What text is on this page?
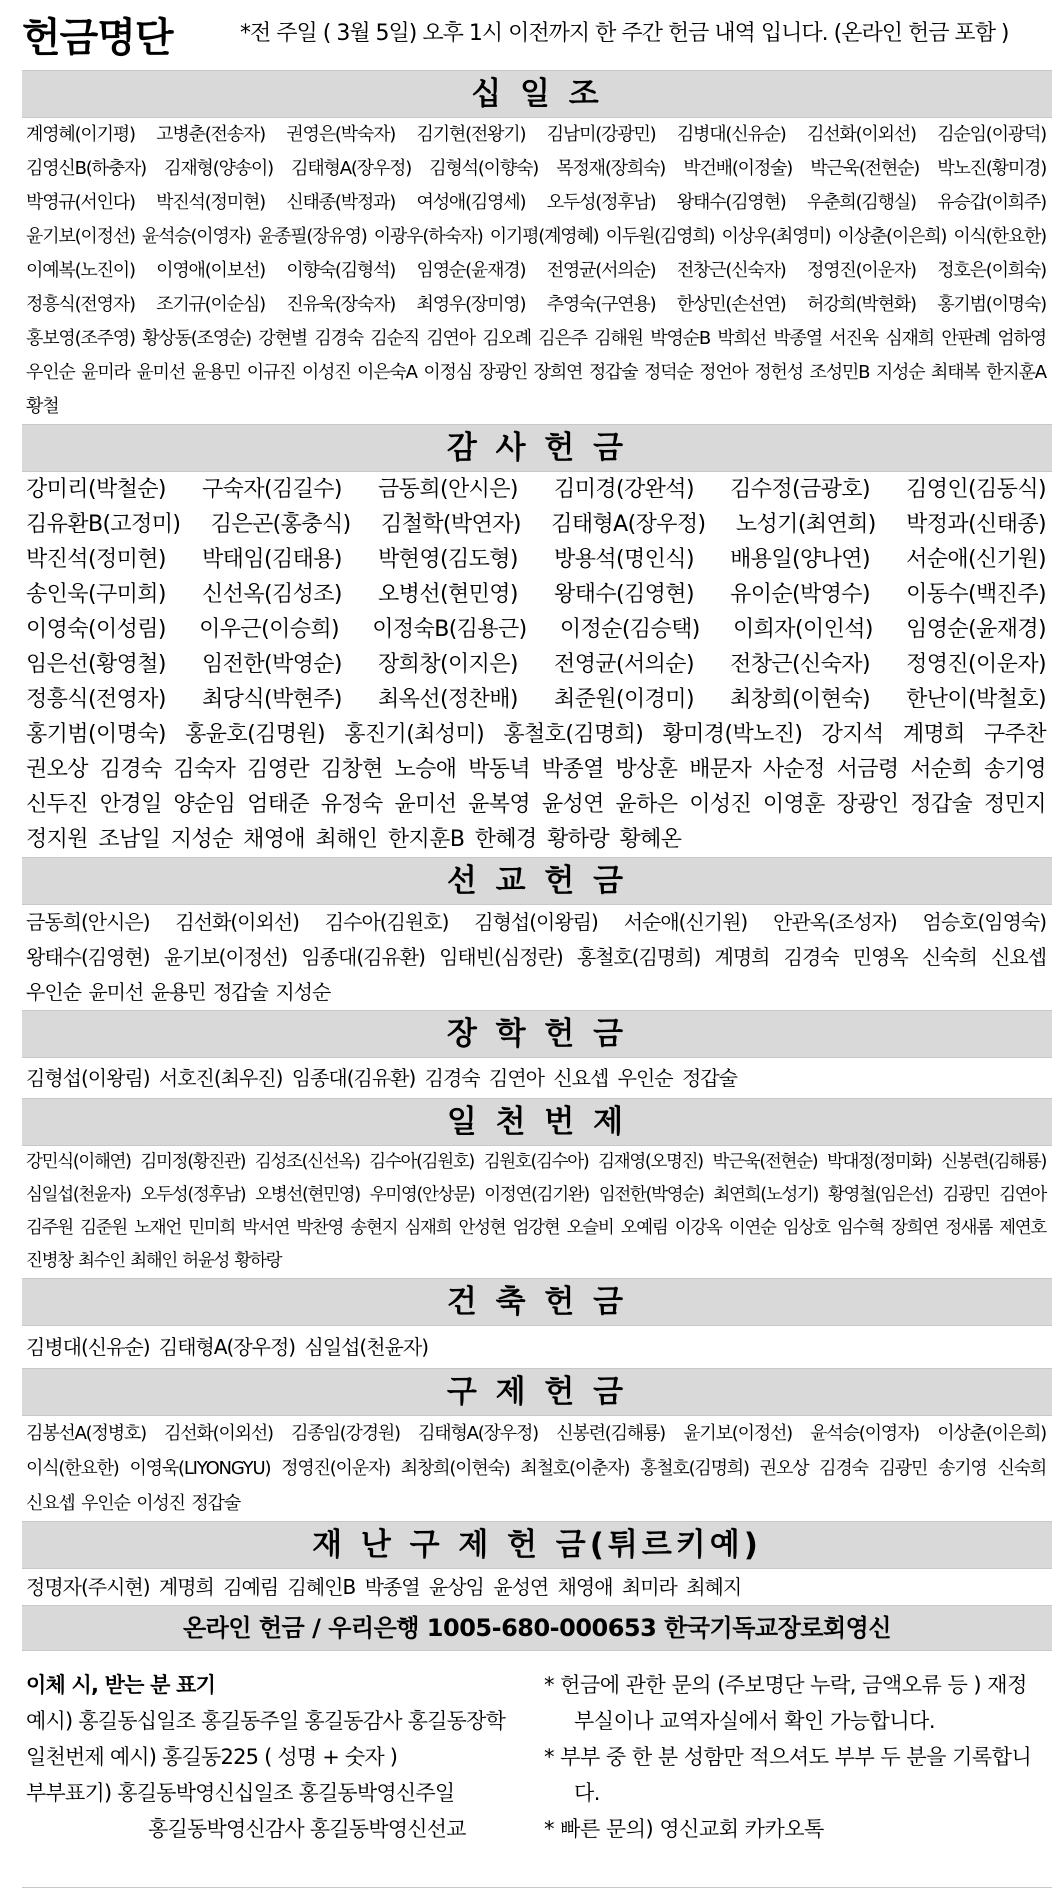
헌금명단	*전 주일 ( 3월 5일) 오후 1시 이전까지 한 주간 헌금 내역 입니다. (온라인 헌금 포함 )
십 일 조
계영혜(이기평) 고병춘(전송자) 권영은(박숙자) 김기현(전왕기) 김남미(강광민) 김병대(신유순) 김선화(이외선) 김순임(이광덕) 김영신B(하충자) 김재형(양송이) 김태형A(장우정) 김형석(이향숙) 목정재(장희숙) 박건배(이정술) 박근욱(전현순) 박노진(황미경) 박영규(서인다) 박진석(정미현) 신태종(박정과) 여성애(김영세) 오두성(정후남) 왕태수(김영현) 우춘희(김행실) 유승갑(이희주) 윤기보(이정선) 윤석승(이영자) 윤종필(장유영) 이광우(하숙자) 이기평(계영혜) 이두원(김영희) 이상우(최영미) 이상춘(이은희) 이식(한요한) 이예복(노진이) 이영애(이보선) 이향숙(김형석) 임영순(윤재경) 전영균(서의순) 전창근(신숙자) 정영진(이운자) 정호은(이희숙) 정흥식(전영자) 조기규(이순심) 진유욱(장숙자) 최영우(장미영) 추영숙(구연용) 한상민(손선연) 허강희(박현화) 홍기범(이명숙) 홍보영(조주영) 황상동(조영순) 강현별 김경숙 김순직 김연아 김오례 김은주 김해원 박영순B 박희선 박종열 서진욱 심재희 안판례 엄하영 우인순 윤미라 윤미선 윤용민 이규진 이성진 이은숙A 이정심 장광인 장희연 정갑술 정덕순 정언아 정헌성 조성민B 지성순 최태복 한지훈A 황철
감 사 헌 금
강미리(박철순) 구숙자(김길수) 금동희(안시은) 김미경(강완석) 김수정(금광호) 김영인(김동식) 김유환B(고정미) 김은곤(홍충식) 김철학(박연자) 김태형A(장우정) 노성기(최연희) 박정과(신태종) 박진석(정미현) 박태임(김태용) 박현영(김도형) 방용석(명인식) 배용일(양나연) 서순애(신기원) 송인욱(구미희) 신선옥(김성조) 오병선(현민영) 왕태수(김영현) 유이순(박영수) 이동수(백진주) 이영숙(이성림) 이우근(이승희) 이정숙B(김용근) 이정순(김승택) 이희자(이인석) 임영순(윤재경) 임은선(황영철) 임전한(박영순) 장희창(이지은) 전영균(서의순) 전창근(신숙자) 정영진(이운자) 정흥식(전영자) 최당식(박현주) 최옥선(정찬배) 최준원(이경미) 최창희(이현숙) 한난이(박철호) 홍기범(이명숙) 홍윤호(김명원) 홍진기(최성미) 홍철호(김명희) 황미경(박노진) 강지석 계명희 구주찬 권오상 김경숙 김숙자 김영란 김창현 노승애 박동녁 박종열 방상훈 배문자 사순정 서금령 서순희 송기영 신두진 안경일 양순임 엄태준 유정숙 윤미선 윤복영 윤성연 윤하은 이성진 이영훈 장광인 정갑술 정민지 정지원 조남일 지성순 채영애 최해인 한지훈B 한혜경 황하랑 황혜온
선 교 헌 금
금동희(안시은) 김선화(이외선) 김수아(김원호) 김형섭(이왕림) 서순애(신기원) 안관옥(조성자) 엄승호(임영숙) 왕태수(김영현) 윤기보(이정선) 임종대(김유환) 임태빈(심정란) 홍철호(김명희) 계명희 김경숙 민영옥 신숙희 신요셉 우인순 윤미선 윤용민 정갑술 지성순
장 학 헌 금
김형섭(이왕림) 서호진(최우진) 임종대(김유환) 김경숙 김연아 신요셉 우인순 정갑술
일 천 번 제
강민식(이해연) 김미정(황진관) 김성조(신선옥) 김수아(김원호) 김원호(김수아) 김재영(오명진) 박근욱(전현순) 박대정(정미화) 신봉련(김해룡) 심일섭(천윤자) 오두성(정후남) 오병선(현민영) 우미영(안상문) 이정연(김기완) 임전한(박영순) 최연희(노성기) 황영철(임은선) 김광민 김연아 김주원 김준원 노재언 민미희 박서연 박찬영 송현지 심재희 안성현 엄강현 오슬비 오예림 이강옥 이연순 임상호 임수혁 장희연 정새롬 제연호 진병창 최수인 최해인 허윤성 황하랑
건 축 헌 금
김병대(신유순) 김태형A(장우정) 심일섭(천윤자)
구 제 헌 금
김봉선A(정병호) 김선화(이외선) 김종임(강경원) 김태형A(장우정) 신봉련(김해룡) 윤기보(이정선) 윤석승(이영자) 이상춘(이은희) 이식(한요한) 이영욱(LIYONGYU) 정영진(이운자) 최창희(이현숙) 최철호(이춘자) 홍철호(김명희) 권오상 김경숙 김광민 송기영 신숙희 신요셉 우인순 이성진 정갑술
재 난 구 제 헌 금(튀르키예)
정명자(주시현) 계명희 김예림 김혜인B 박종열 윤상임 윤성연 채영애 최미라 최혜지
온라인 헌금 / 우리은행 1005-680-000653 한국기독교장로회영신
이체 시, 받는 분 표기
예시) 홍길동십일조 홍길동주일 홍길동감사 홍길동장학
일천번제 예시) 홍길동225 ( 성명 + 숫자 )
부부표기) 홍길동박영신십일조 홍길동박영신주일
홍길동박영신감사 홍길동박영신선교
* 헌금에 관한 문의 (주보명단 누락, 금액오류 등 ) 재정부실이나 교역자실에서 확인 가능합니다.
* 부부 중 한 분 성함만 적으셔도 부부 두 분을 기록합니다.
* 빠른 문의) 영신교회 카카오톡
